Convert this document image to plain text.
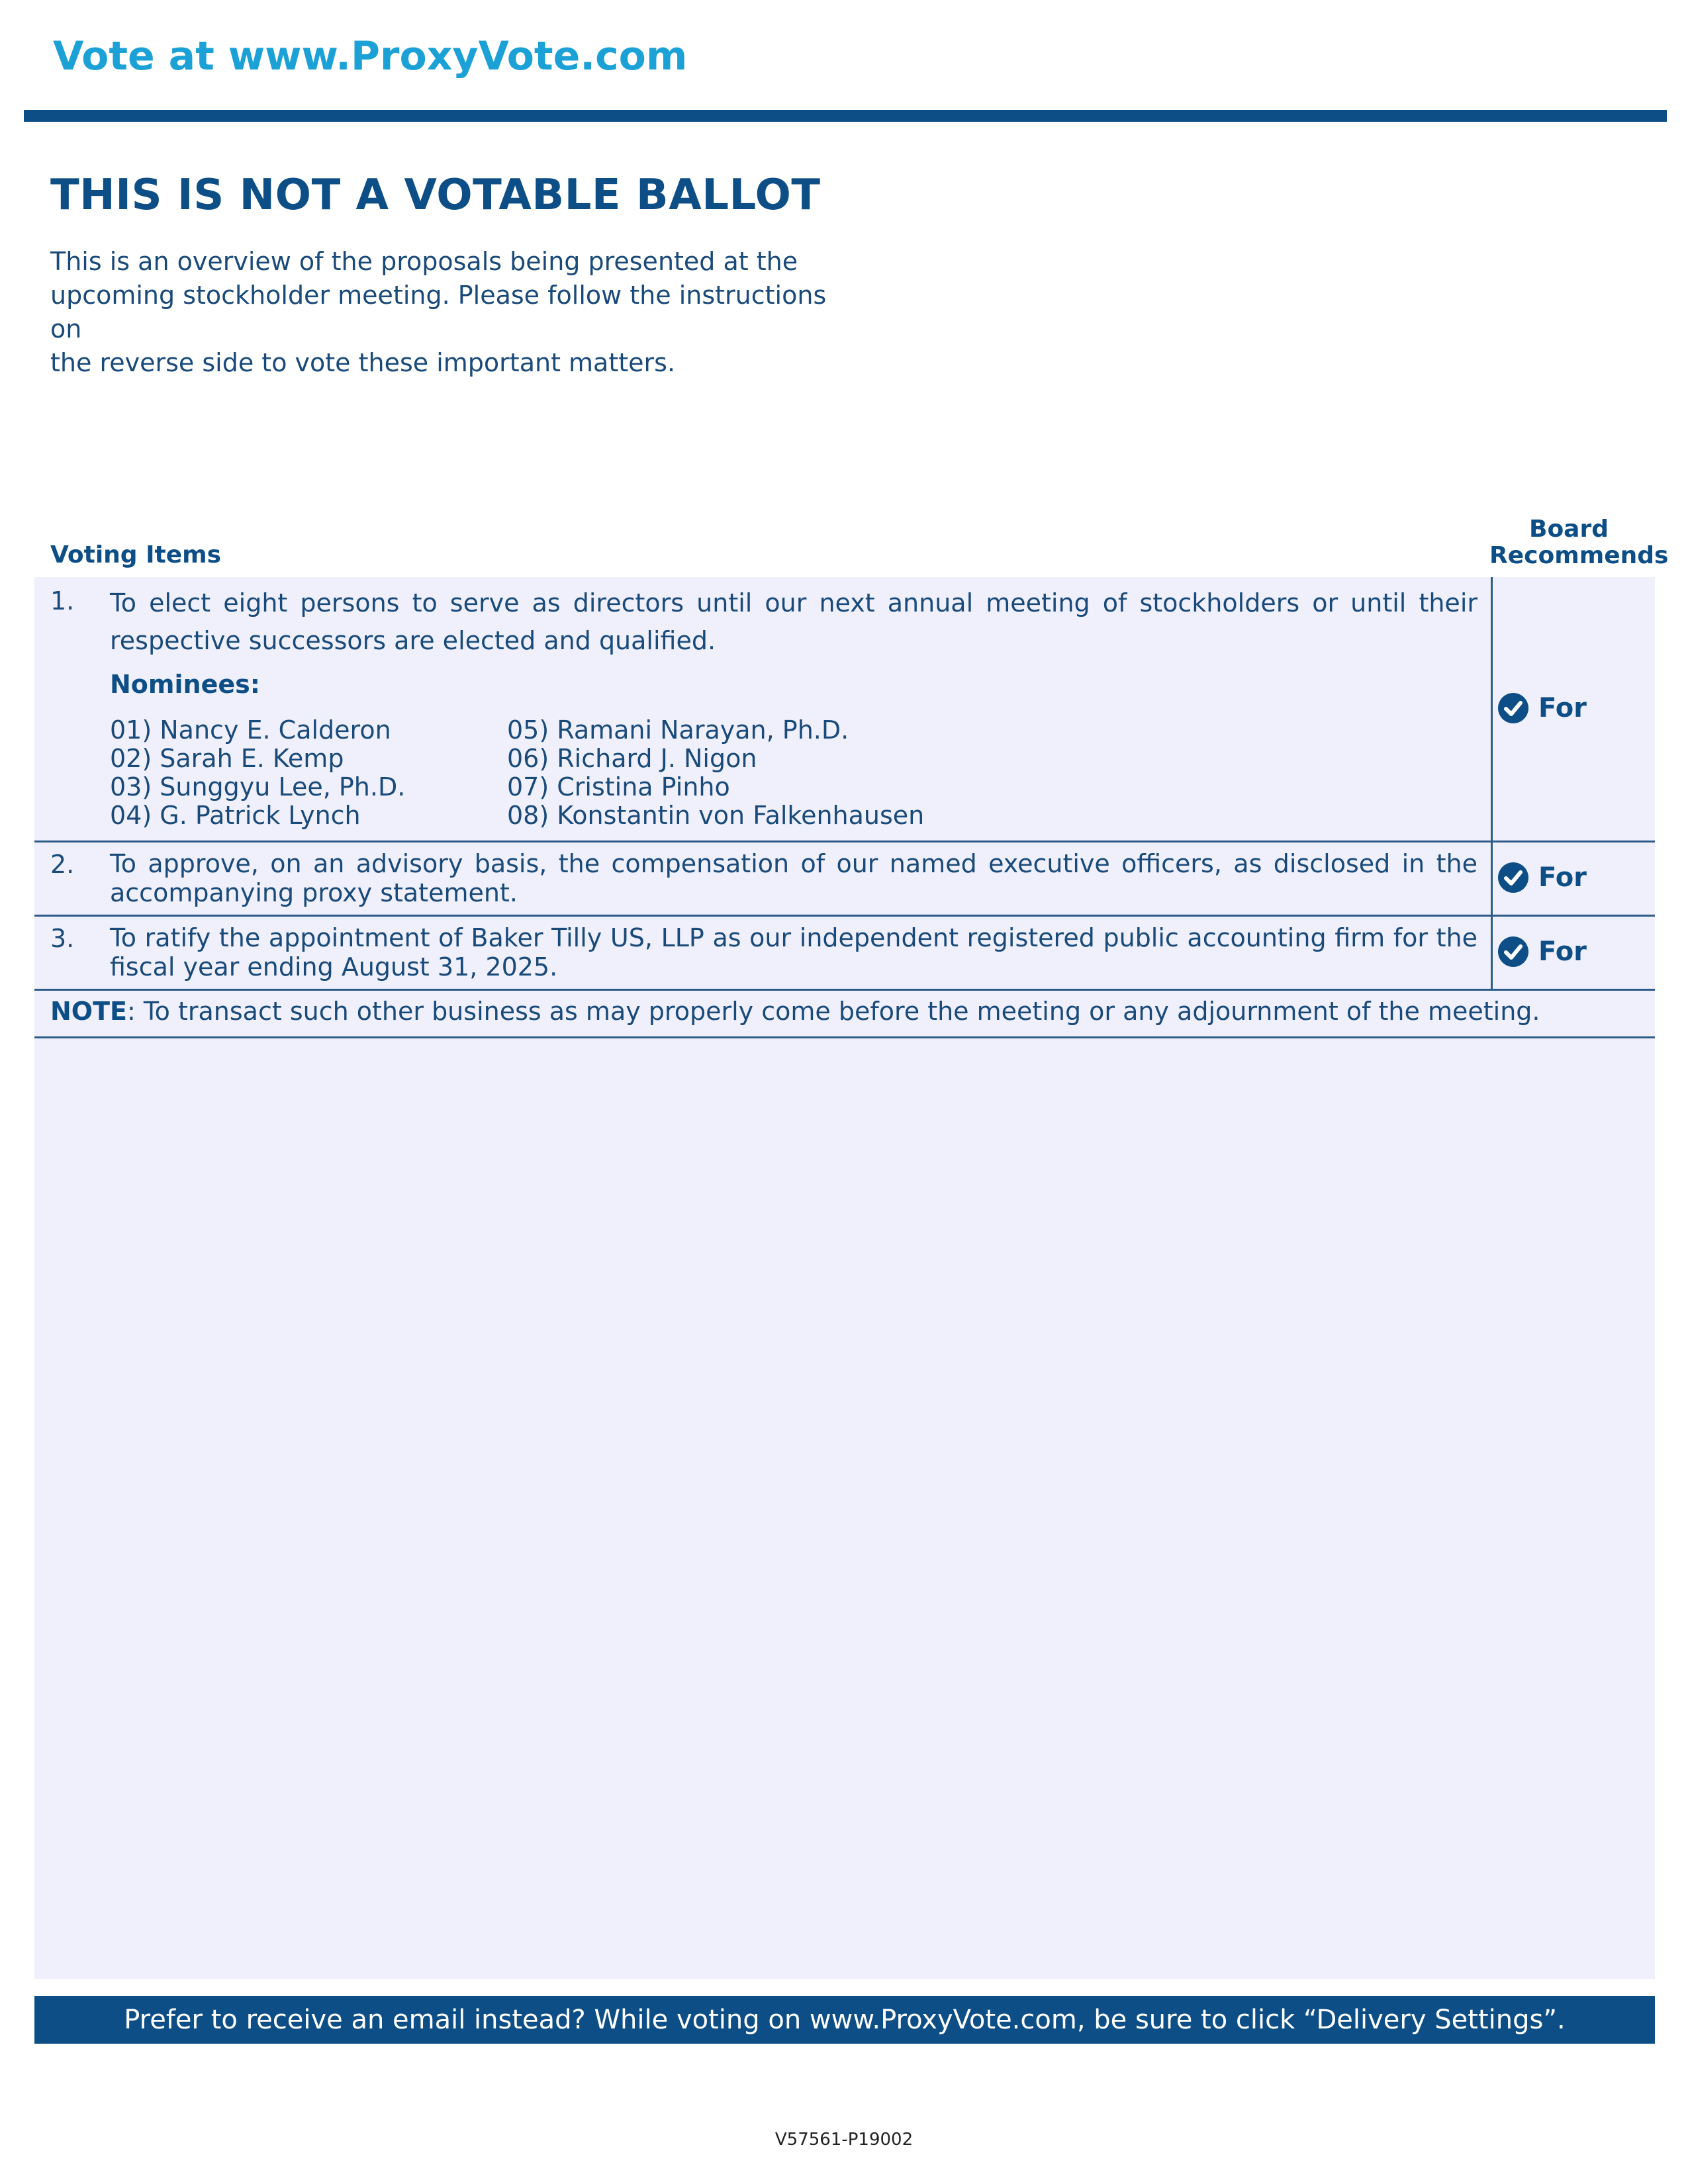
Vote at www.ProxyVote.com
THIS IS NOT A VOTABLE BALLOT
This is an overview of the proposals being presented at the
upcoming stockholder meeting. Please follow the instructions on
the reverse side to vote these important matters.
Voting Items
Board
Recommends
1. To elect eight persons to serve as directors until our next annual meeting of stockholders or until their respective successors are elected and qualified.
Nominees:
01) Nancy E. Calderon
02) Sarah E. Kemp
03) Sunggyu Lee, Ph.D.
04) G. Patrick Lynch
05) Ramani Narayan, Ph.D.
06) Richard J. Nigon
07) Cristina Pinho
08) Konstantin von Falkenhausen
For
2. To approve, on an advisory basis, the compensation of our named executive officers, as disclosed in the accompanying proxy statement.	For
3. To ratify the appointment of Baker Tilly US, LLP as our independent registered public accounting firm for the fiscal year ending August 31, 2025.	For
NOTE: To transact such other business as may properly come before the meeting or any adjournment of the meeting.
Prefer to receive an email instead? While voting on www.ProxyVote.com, be sure to click “Delivery Settings”.
V57561-P19002
